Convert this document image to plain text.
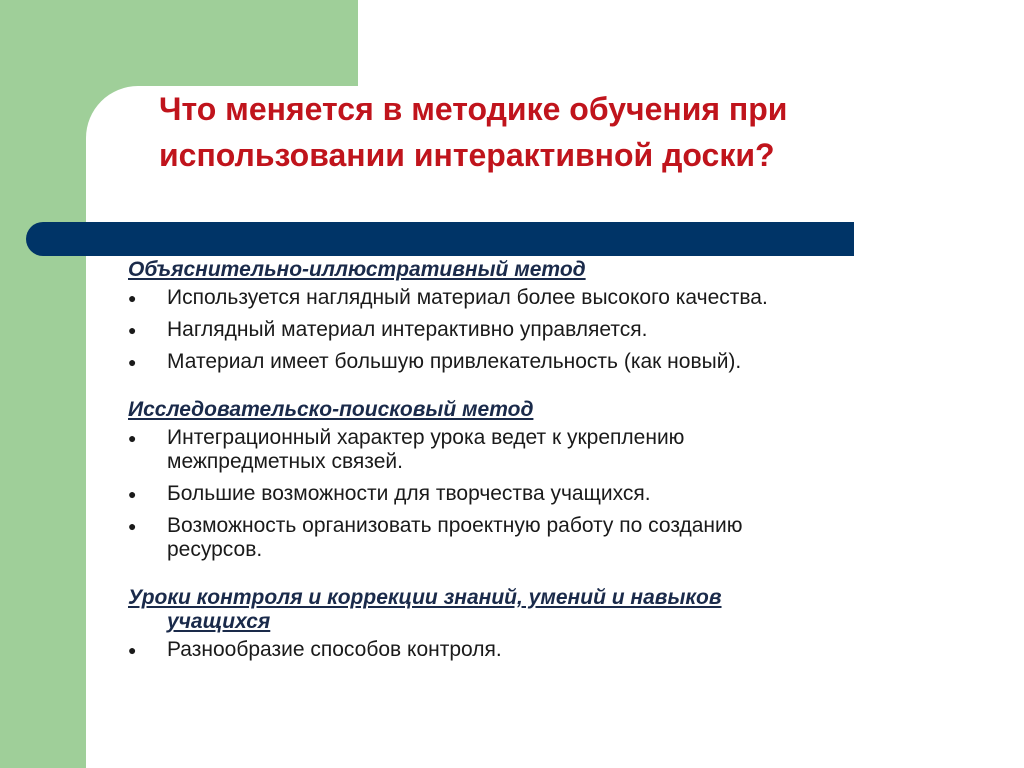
Что меняется в методике обучения при
использовании интерактивной доски?
Объяснительно-иллюстративный метод
● Используется наглядный материал более высокого качества.
● Наглядный материал интерактивно управляется.
● Материал имеет большую привлекательность (как новый).
Исследовательско-поисковый метод
● Интеграционный характер урока ведет к укреплению
межпредметных связей.
● Большие возможности для творчества учащихся.
● Возможность организовать проектную работу по созданию
ресурсов.
Уроки контроля и коррекции знаний, умений и навыков
учащихся
● Разнообразие способов контроля.
